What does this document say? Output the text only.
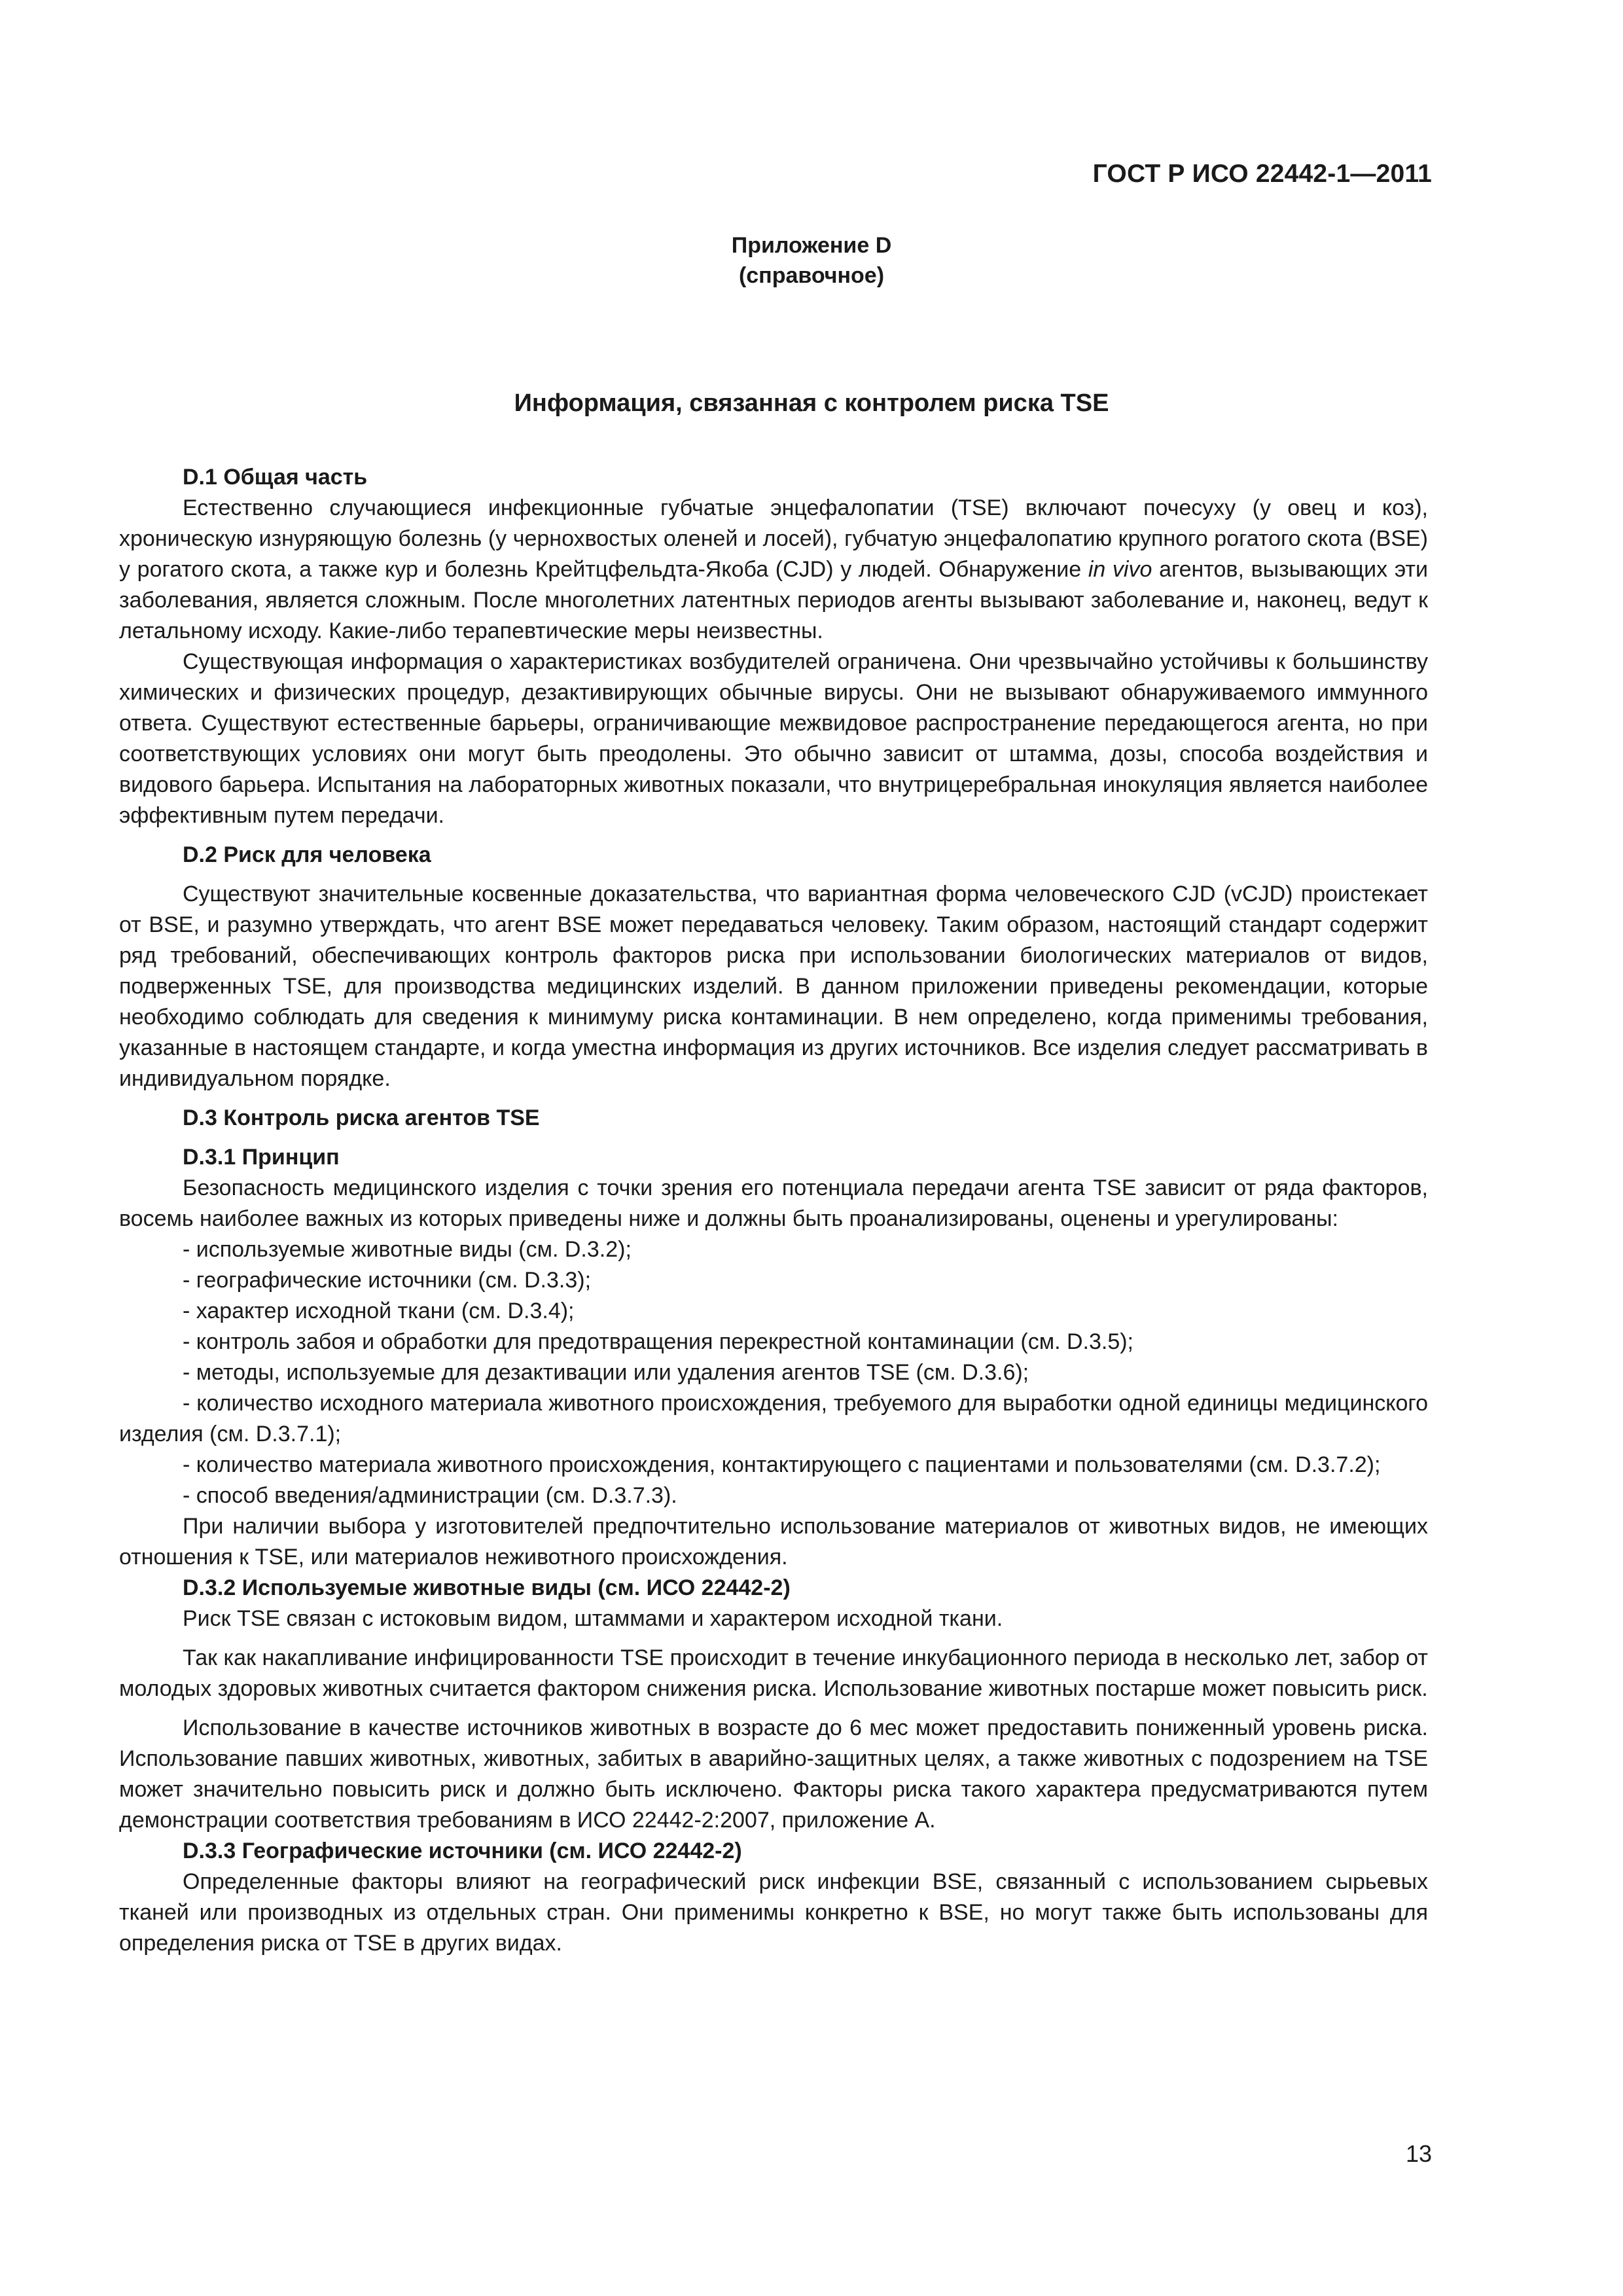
ГОСТ Р ИСО 22442-1—2011
Приложение D
(справочное)
Информация, связанная с контролем риска TSE
D.1 Общая часть

Естественно случающиеся инфекционные губчатые энцефалопатии (TSE) включают почесуху (у овец и коз), хроническую изнуряющую болезнь (у чернохвостых оленей и лосей), губчатую энцефалопатию крупного рогатого скота (BSE) у рогатого скота, а также кур и болезнь Крейтцфельдта-Якоба (CJD) у людей. Обнаружение in vivo агентов, вызывающих эти заболевания, является сложным. После многолетних латентных периодов агенты вызывают заболевание и, наконец, ведут к летальному исходу. Какие-либо терапевтические меры неизвестны.

Существующая информация о характеристиках возбудителей ограничена. Они чрезвычайно устойчивы к большинству химических и физических процедур, дезактивирующих обычные вирусы. Они не вызывают обнаруживаемого иммунного ответа. Существуют естественные барьеры, ограничивающие межвидовое распространение передающегося агента, но при соответствующих условиях они могут быть преодолены. Это обычно зависит от штамма, дозы, способа воздействия и видового барьера. Испытания на лабораторных животных показали, что внутрицеребральная инокуляция является наиболее эффективным путем передачи.

D.2 Риск для человека

Существуют значительные косвенные доказательства, что вариантная форма человеческого CJD (vCJD) проистекает от BSE, и разумно утверждать, что агент BSE может передаваться человеку. Таким образом, настоящий стандарт содержит ряд требований, обеспечивающих контроль факторов риска при использовании биологических материалов от видов, подверженных TSE, для производства медицинских изделий. В данном приложении приведены рекомендации, которые необходимо соблюдать для сведения к минимуму риска контаминации. В нем определено, когда применимы требования, указанные в настоящем стандарте, и когда уместна информация из других источников. Все изделия следует рассматривать в индивидуальном порядке.

D.3 Контроль риска агентов TSE
D.3.1 Принцип

Безопасность медицинского изделия с точки зрения его потенциала передачи агента TSE зависит от ряда факторов, восемь наиболее важных из которых приведены ниже и должны быть проанализированы, оценены и урегулированы:

- используемые животные виды (см. D.3.2);
- географические источники (см. D.3.3);
- характер исходной ткани (см. D.3.4);
- контроль забоя и обработки для предотвращения перекрестной контаминации (см. D.3.5);
- методы, используемые для дезактивации или удаления агентов TSE (см. D.3.6);
- количество исходного материала животного происхождения, требуемого для выработки одной единицы медицинского изделия (см. D.3.7.1);
- количество материала животного происхождения, контактирующего с пациентами и пользователями (см. D.3.7.2);
- способ введения/администрации (см. D.3.7.3).

При наличии выбора у изготовителей предпочтительно использование материалов от животных видов, не имеющих отношения к TSE, или материалов неживотного происхождения.

D.3.2 Используемые животные виды (см. ИСО 22442-2)

Риск TSE связан с истоковым видом, штаммами и характером исходной ткани.

Так как накапливание инфицированности TSE происходит в течение инкубационного периода в несколько лет, забор от молодых здоровых животных считается фактором снижения риска. Использование животных постарше может повысить риск.

Использование в качестве источников животных в возрасте до 6 мес может предоставить пониженный уровень риска. Использование павших животных, животных, забитых в аварийно-защитных целях, а также животных с подозрением на TSE может значительно повысить риск и должно быть исключено. Факторы риска такого характера предусматриваются путем демонстрации соответствия требованиям в ИСО 22442-2:2007, приложение А.

D.3.3 Географические источники (см. ИСО 22442-2)

Определенные факторы влияют на географический риск инфекции BSE, связанный с использованием сырьевых тканей или производных из отдельных стран. Они применимы конкретно к BSE, но могут также быть использованы для определения риска от TSE в других видах.

13
